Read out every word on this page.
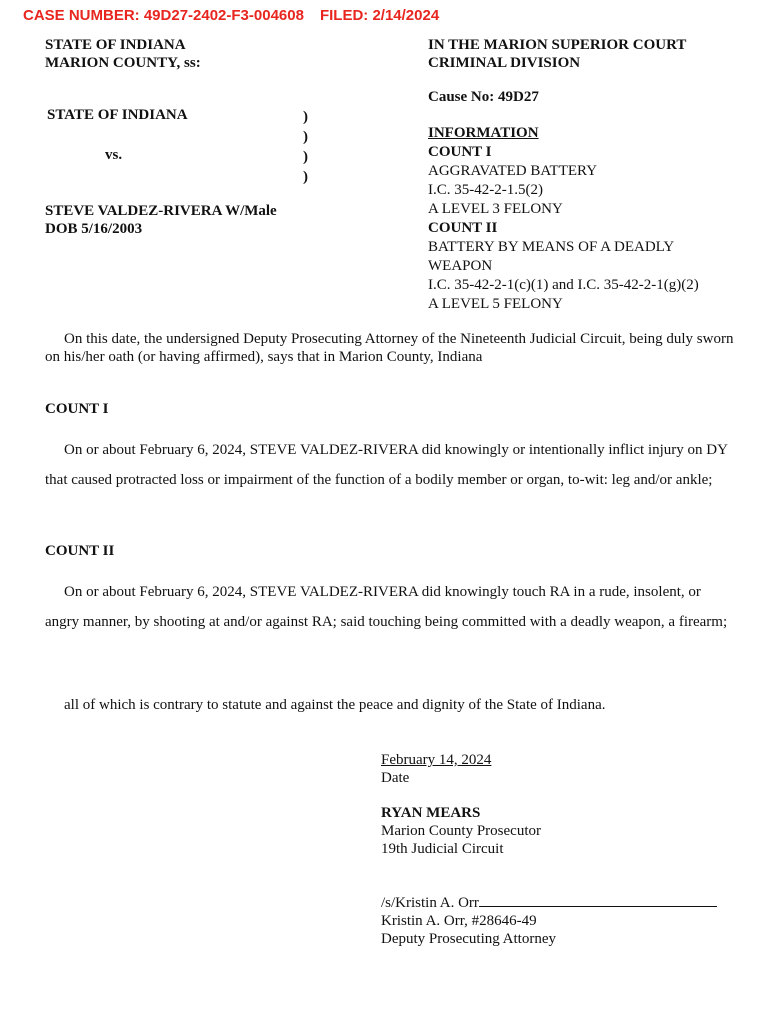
CASE NUMBER: 49D27-2402-F3-004608 FILED: 2/14/2024
STATE OF INDIANA
MARION COUNTY, ss:
IN THE MARION SUPERIOR COURT
CRIMINAL DIVISION
Cause No: 49D27
STATE OF INDIANA
vs.
)
)
)
)
STEVE VALDEZ-RIVERA W/Male
DOB 5/16/2003
INFORMATION
COUNT I
AGGRAVATED BATTERY
I.C. 35-42-2-1.5(2)
A LEVEL 3 FELONY
COUNT II
BATTERY BY MEANS OF A DEADLY
WEAPON
I.C. 35-42-2-1(c)(1) and I.C. 35-42-2-1(g)(2)
A LEVEL 5 FELONY
On this date, the undersigned Deputy Prosecuting Attorney of the Nineteenth Judicial Circuit, being duly sworn on his/her oath (or having affirmed), says that in Marion County, Indiana
COUNT I
On or about February 6, 2024, STEVE VALDEZ-RIVERA did knowingly or intentionally inflict injury on DY that caused protracted loss or impairment of the function of a bodily member or organ, to-wit: leg and/or ankle;
COUNT II
On or about February 6, 2024, STEVE VALDEZ-RIVERA did knowingly touch RA in a rude, insolent, or angry manner, by shooting at and/or against RA; said touching being committed with a deadly weapon, a firearm;
all of which is contrary to statute and against the peace and dignity of the State of Indiana.
February 14, 2024
Date
RYAN MEARS
Marion County Prosecutor
19th Judicial Circuit
/s/Kristin A. Orr
Kristin A. Orr, #28646-49
Deputy Prosecuting Attorney
